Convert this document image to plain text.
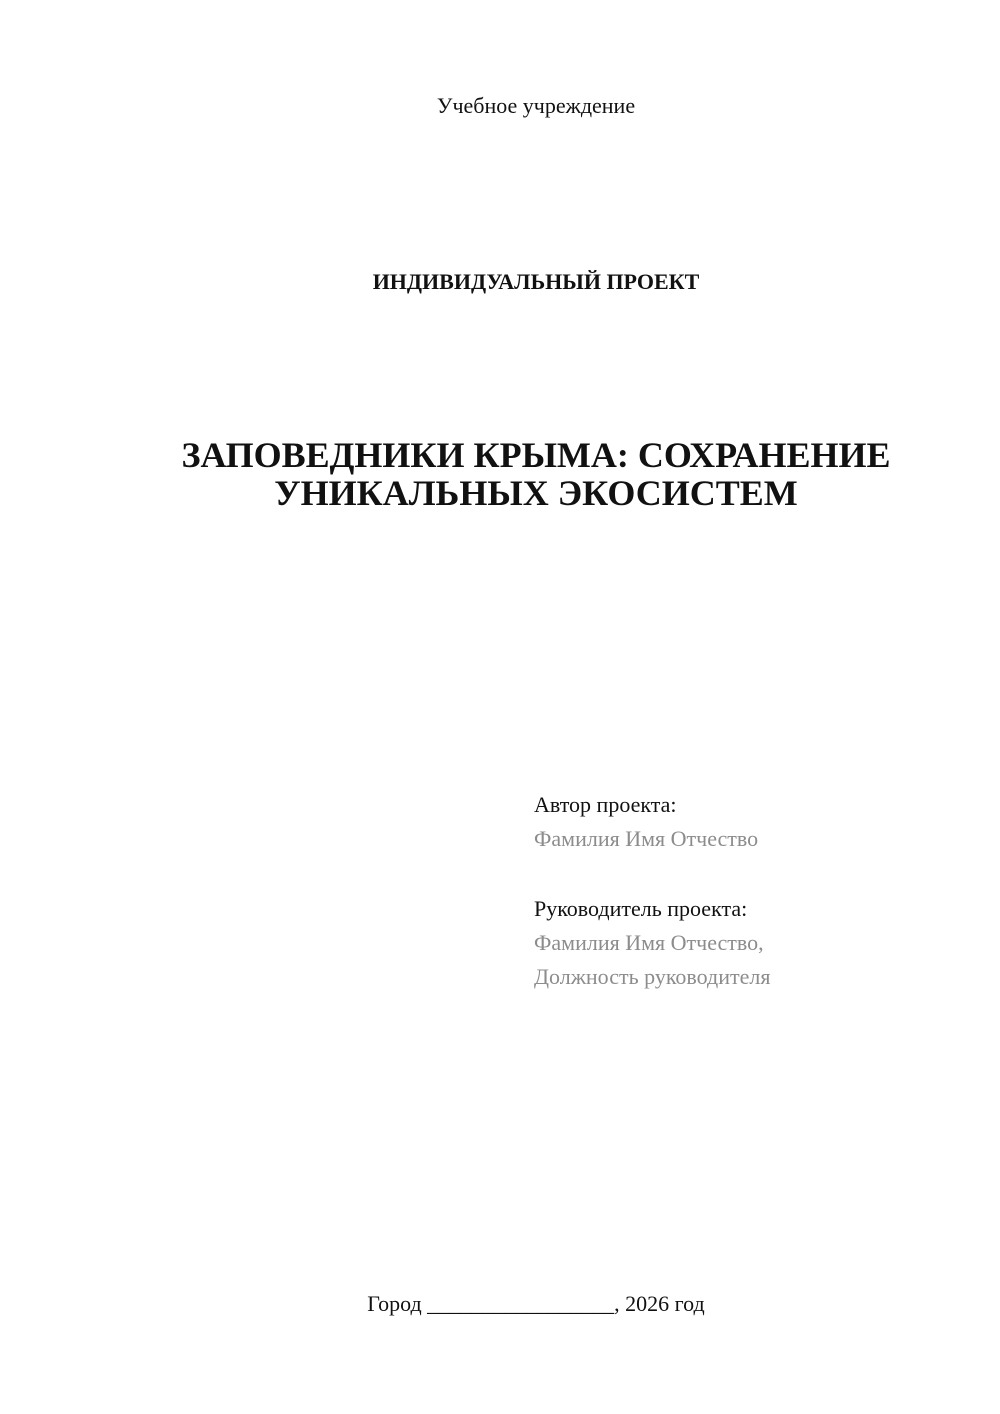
Учебное учреждение
ИНДИВИДУАЛЬНЫЙ ПРОЕКТ
ЗАПОВЕДНИКИ КРЫМА: СОХРАНЕНИЕ
УНИКАЛЬНЫХ ЭКОСИСТЕМ
Автор проекта:
Фамилия Имя Отчество
Руководитель проекта:
Фамилия Имя Отчество,
Должность руководителя
Город _________________, 2026 год
